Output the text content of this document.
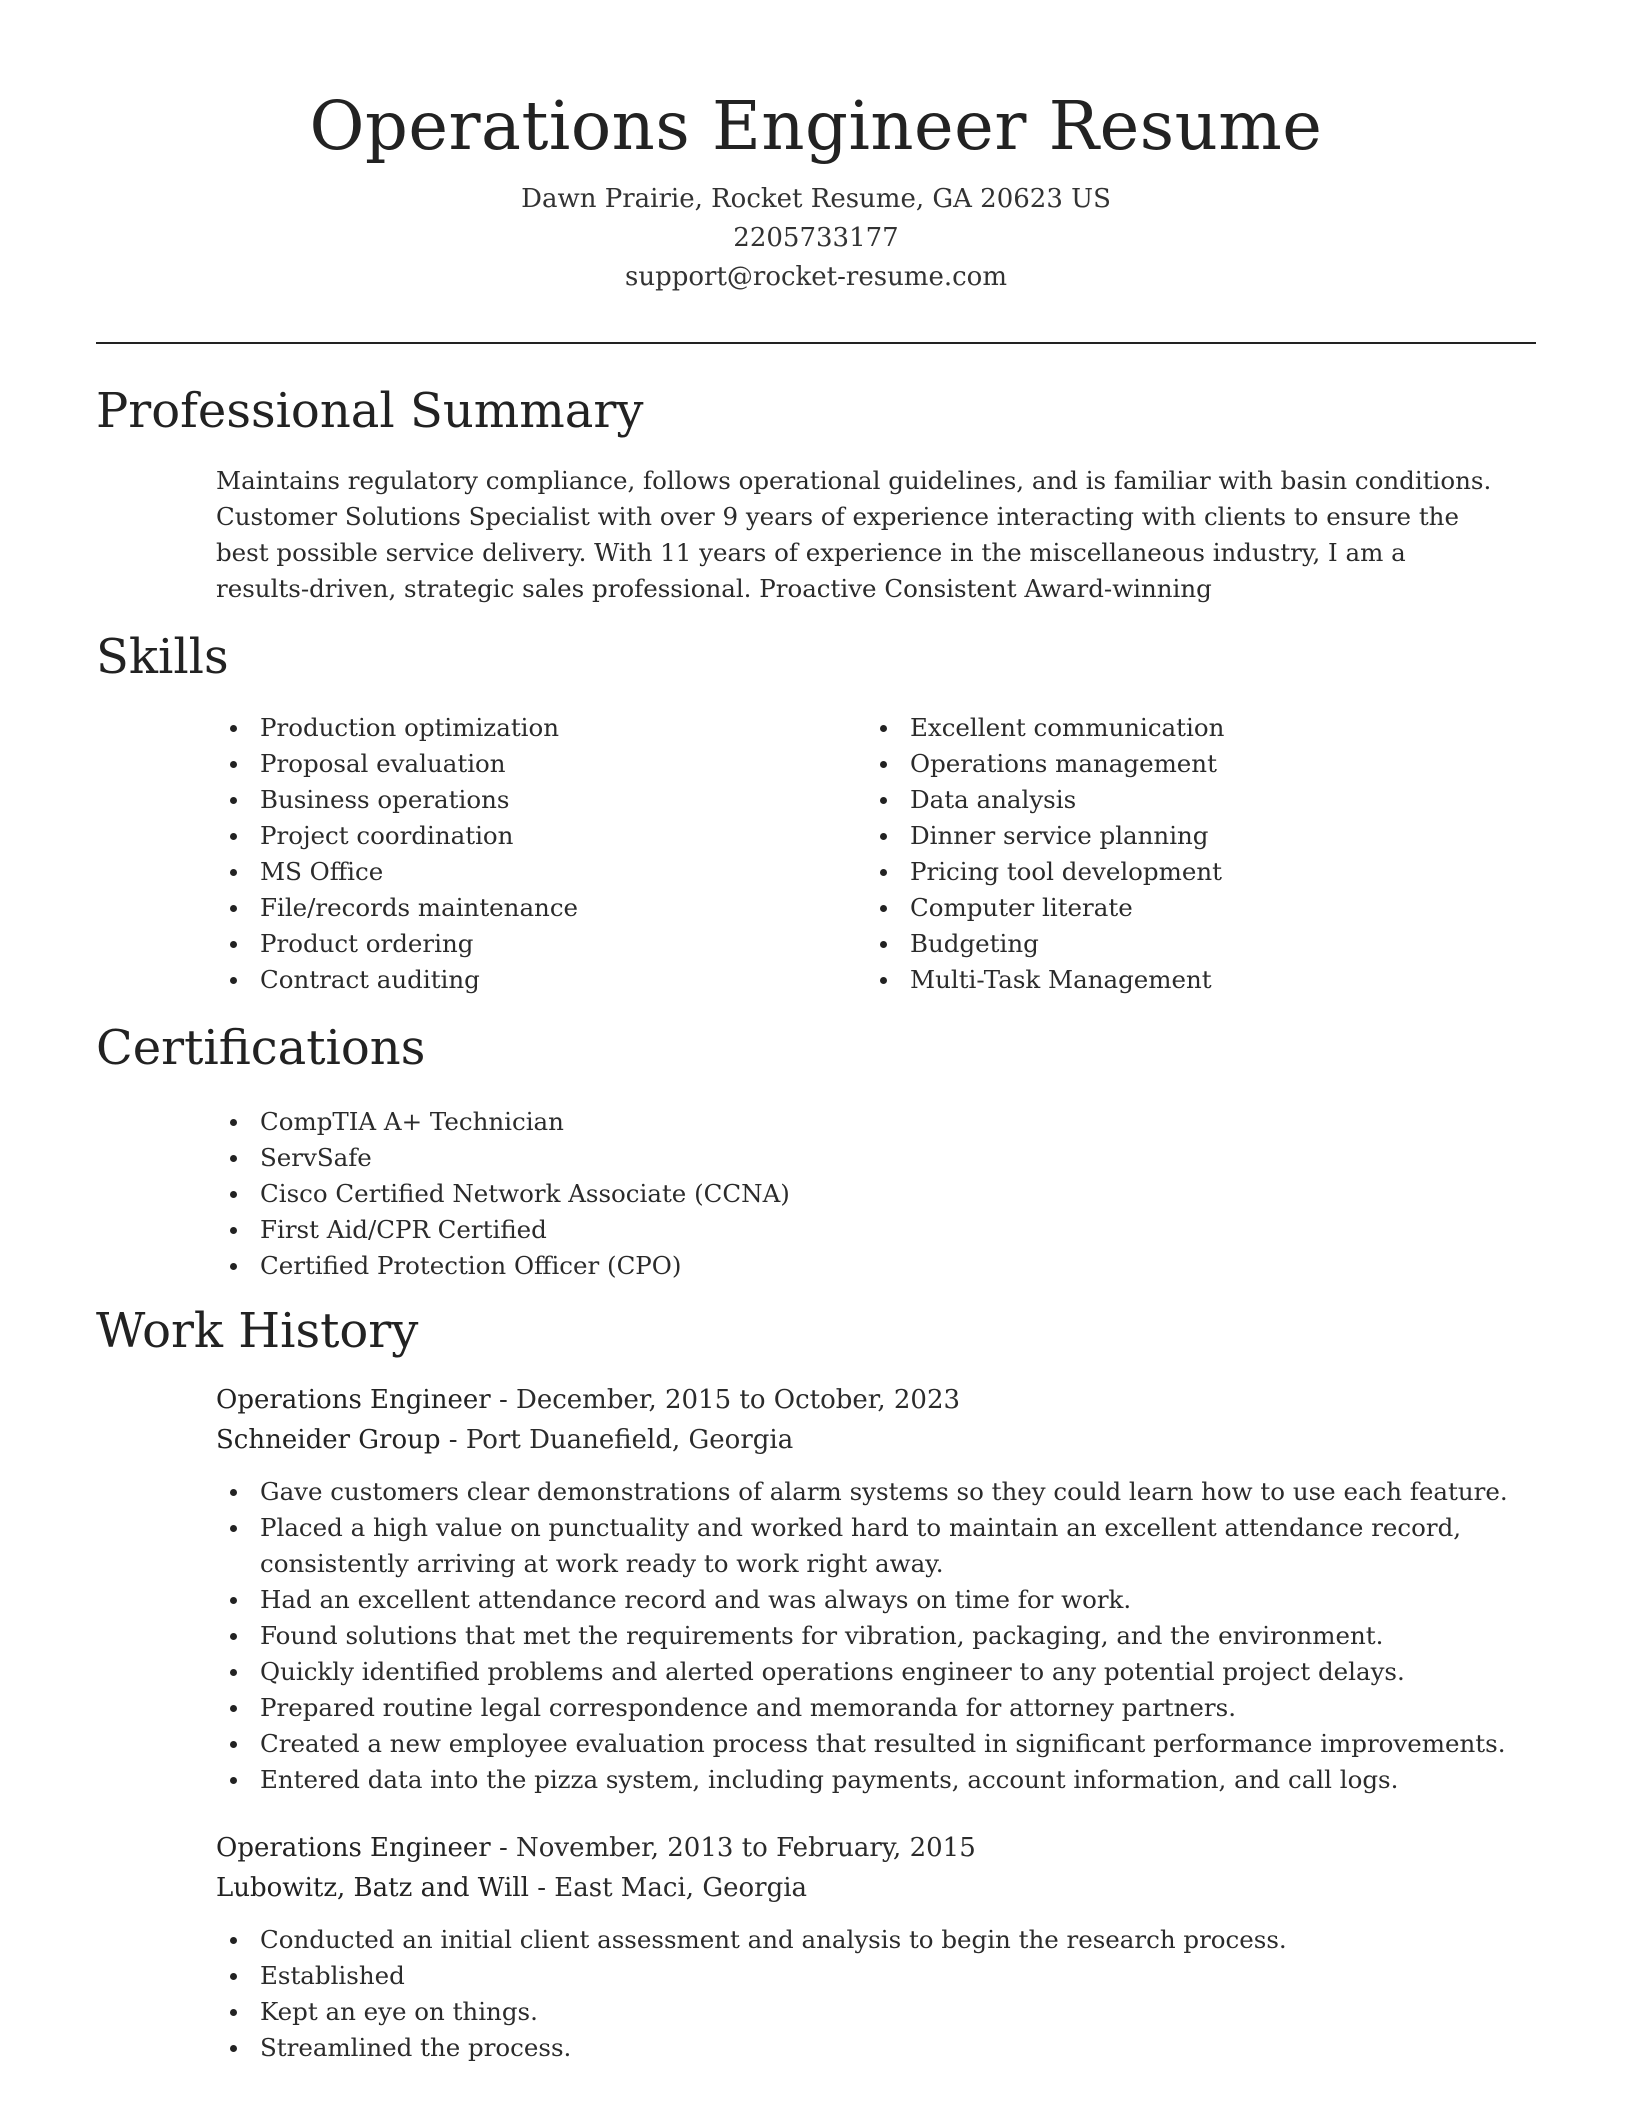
Operations Engineer Resume
Dawn Prairie, Rocket Resume, GA 20623 US
2205733177
support@rocket-resume.com
Professional Summary
Maintains regulatory compliance, follows operational guidelines, and is familiar with basin conditions. Customer Solutions Specialist with over 9 years of experience interacting with clients to ensure the best possible service delivery. With 11 years of experience in the miscellaneous industry, I am a results-driven, strategic sales professional. Proactive Consistent Award-winning
Skills
Production optimization
Proposal evaluation
Business operations
Project coordination
MS Office
File/records maintenance
Product ordering
Contract auditing
Excellent communication
Operations management
Data analysis
Dinner service planning
Pricing tool development
Computer literate
Budgeting
Multi-Task Management
Certifications
CompTIA A+ Technician
ServSafe
Cisco Certified Network Associate (CCNA)
First Aid/CPR Certified
Certified Protection Officer (CPO)
Work History
Operations Engineer - December, 2015 to October, 2023
Schneider Group - Port Duanefield, Georgia
Gave customers clear demonstrations of alarm systems so they could learn how to use each feature.
Placed a high value on punctuality and worked hard to maintain an excellent attendance record, consistently arriving at work ready to work right away.
Had an excellent attendance record and was always on time for work.
Found solutions that met the requirements for vibration, packaging, and the environment.
Quickly identified problems and alerted operations engineer to any potential project delays.
Prepared routine legal correspondence and memoranda for attorney partners.
Created a new employee evaluation process that resulted in significant performance improvements.
Entered data into the pizza system, including payments, account information, and call logs.
Operations Engineer - November, 2013 to February, 2015
Lubowitz, Batz and Will - East Maci, Georgia
Conducted an initial client assessment and analysis to begin the research process.
Established
Kept an eye on things.
Streamlined the process.
